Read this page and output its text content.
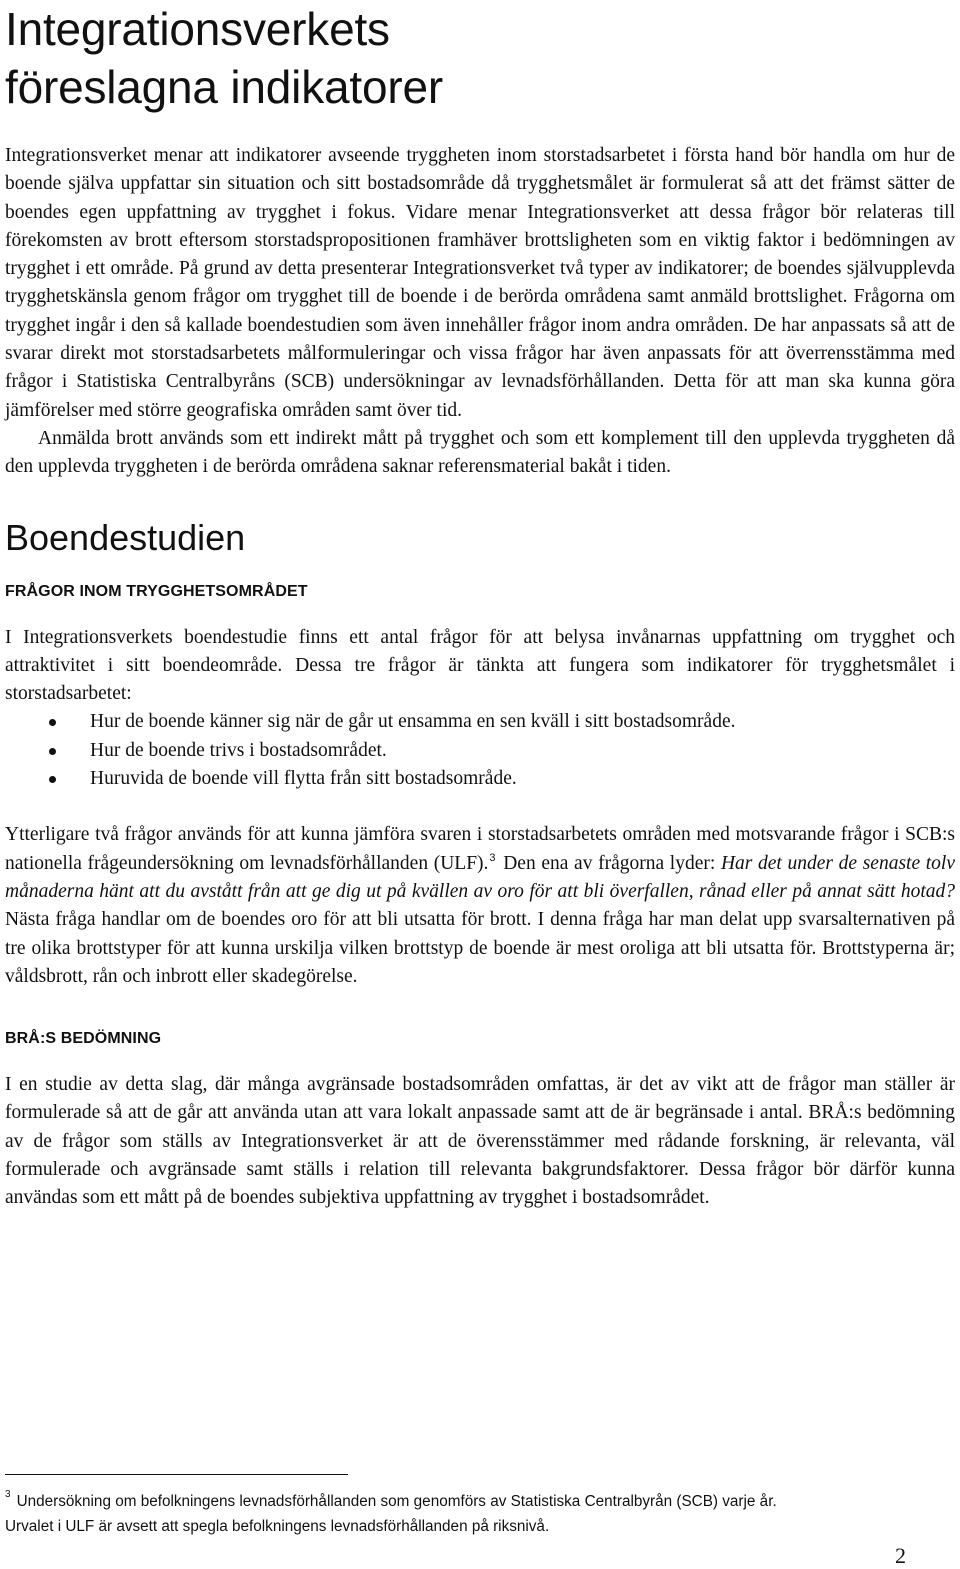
Integrationsverkets föreslagna indikatorer

Integrationsverket menar att indikatorer avseende tryggheten inom storstadsarbetet i första hand bör handla om hur de boende själva uppfattar sin situation och sitt bostadsområde då trygghetsmålet är formulerat så att det främst sätter de boendes egen uppfattning av trygghet i fokus. Vidare menar Integrationsverket att dessa frågor bör relateras till förekomsten av brott eftersom storstadspropositionen framhäver brottsligheten som en viktig faktor i bedömningen av trygghet i ett område. På grund av detta presenterar Integrationsverket två typer av indikatorer; de boendes självupplevda trygghetskänsla genom frågor om trygghet till de boende i de berörda områdena samt anmäld brottslighet. Frågorna om trygghet ingår i den så kallade boendestudien som även innehåller frågor inom andra områden. De har anpassats så att de svarar direkt mot storstadsarbetets målformuleringar och vissa frågor har även anpassats för att överrensstämma med frågor i Statistiska Centralbyråns (SCB) undersökningar av levnadsförhållanden. Detta för att man ska kunna göra jämförelser med större geografiska områden samt över tid.

Anmälda brott används som ett indirekt mått på trygghet och som ett komplement till den upplevda tryggheten då den upplevda tryggheten i de berörda områdena saknar referensmaterial bakåt i tiden.

Boendestudien
FRÅGOR INOM TRYGGHETSOMRÅDET

I Integrationsverkets boendestudie finns ett antal frågor för att belysa invånarnas uppfattning om trygghet och attraktivitet i sitt boendeområde. Dessa tre frågor är tänkta att fungera som indikatorer för trygghetsmålet i storstadsarbetet:

Hur de boende känner sig när de går ut ensamma en sen kväll i sitt bostadsområde.
Hur de boende trivs i bostadsområdet.
Huruvida de boende vill flytta från sitt bostadsområde.

Ytterligare två frågor används för att kunna jämföra svaren i storstadsarbetets områden med motsvarande frågor i SCB:s nationella frågeundersökning om levnadsförhållanden (ULF).$^3$ Den ena av frågorna lyder: Har det under de senaste tolv månaderna hänt att du avstått från att ge dig ut på kvällen av oro för att bli överfallen, rånad eller på annat sätt hotad? Nästa fråga handlar om de boendes oro för att bli utsatta för brott. I denna fråga har man delat upp svarsalternativen på tre olika brottstyper för att kunna urskilja vilken brottstyp de boende är mest oroliga att bli utsatta för. Brottstyperna är; våldsbrott, rån och inbrott eller skadegörelse.

BRÅ:S BEDÖMNING

I en studie av detta slag, där många avgränsade bostadsområden omfattas, är det av vikt att de frågor man ställer är formulerade så att de går att använda utan att vara lokalt anpassade samt att de är begränsade i antal. BRÅ:s bedömning av de frågor som ställs av Integrationsverket är att de överensstämmer med rådande forskning, är relevanta, väl formulerade och avgränsade samt ställs i relation till relevanta bakgrundsfaktorer. Dessa frågor bör därför kunna användas som ett mått på de boendes subjektiva uppfattning av trygghet i bostadsområdet.

$^3$ Undersökning om befolkningens levnadsförhållanden som genomförs av Statistiska Centralbyrån (SCB) varje år.
Urvalet i ULF är avsett att spegla befolkningens levnadsförhållanden på riksnivå.
2
